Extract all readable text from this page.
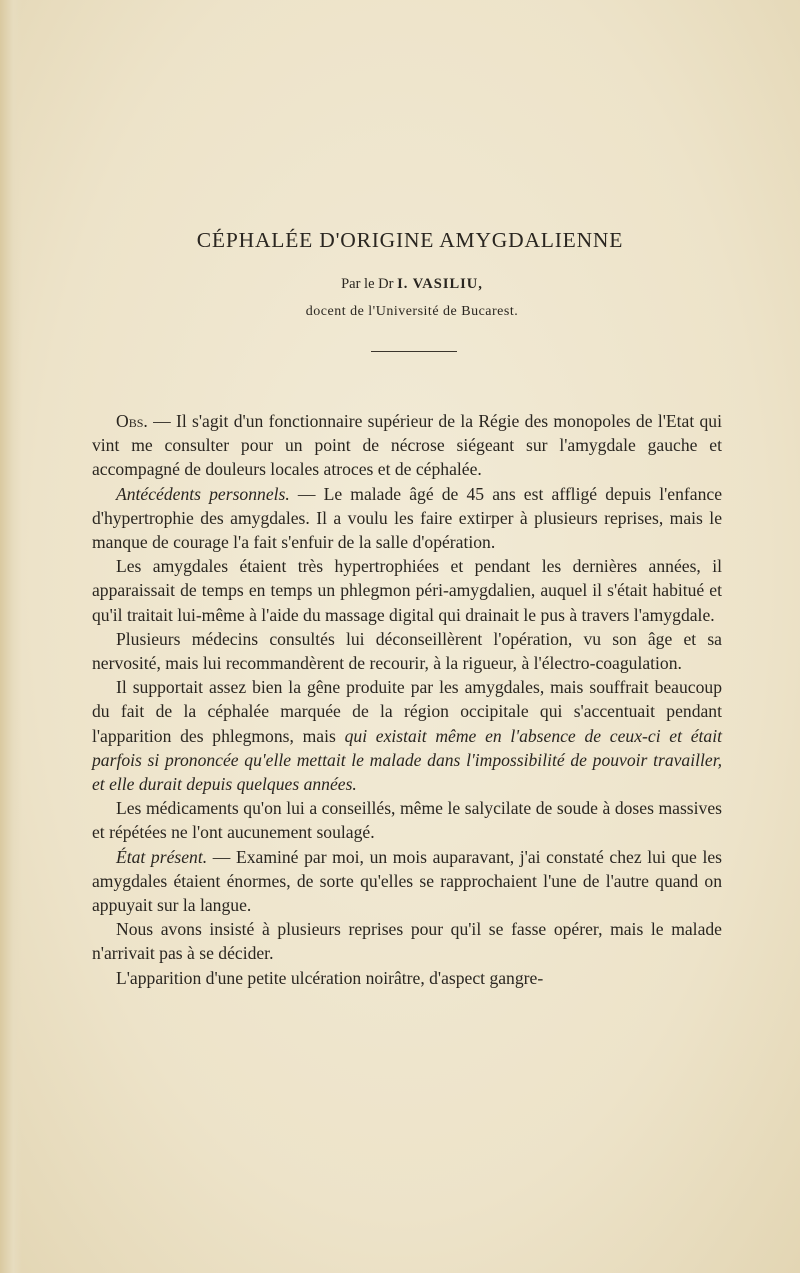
CÉPHALÉE D'ORIGINE AMYGDALIENNE
Par le Dr I. VASILIU,
docent de l'Université de Bucarest.

Obs. — Il s'agit d'un fonctionnaire supérieur de la Régie des monopoles de l'Etat qui vint me consulter pour un point de nécrose siégeant sur l'amygdale gauche et accompagné de douleurs locales atroces et de céphalée.

Antécédents personnels. — Le malade âgé de 45 ans est affligé depuis l'enfance d'hypertrophie des amygdales. Il a voulu les faire extirper à plusieurs reprises, mais le manque de courage l'a fait s'enfuir de la salle d'opération.

Les amygdales étaient très hypertrophiées et pendant les dernières années, il apparaissait de temps en temps un phlegmon péri-amygdalien, auquel il s'était habitué et qu'il traitait lui-même à l'aide du massage digital qui drainait le pus à travers l'amygdale.

Plusieurs médecins consultés lui déconseillèrent l'opération, vu son âge et sa nervosité, mais lui recommandèrent de recourir, à la rigueur, à l'électro-coagulation.

Il supportait assez bien la gêne produite par les amygdales, mais souffrait beaucoup du fait de la céphalée marquée de la région occipitale qui s'accentuait pendant l'apparition des phlegmons, mais qui existait même en l'absence de ceux-ci et était parfois si prononcée qu'elle mettait le malade dans l'impossibilité de pouvoir travailler, et elle durait depuis quelques années.

Les médicaments qu'on lui a conseillés, même le salycilate de soude à doses massives et répétées ne l'ont aucunement soulagé.

État présent. — Examiné par moi, un mois auparavant, j'ai constaté chez lui que les amygdales étaient énormes, de sorte qu'elles se rapprochaient l'une de l'autre quand on appuyait sur la langue.

Nous avons insisté à plusieurs reprises pour qu'il se fasse opérer, mais le malade n'arrivait pas à se décider.

L'apparition d'une petite ulcération noirâtre, d'aspect gangre-
